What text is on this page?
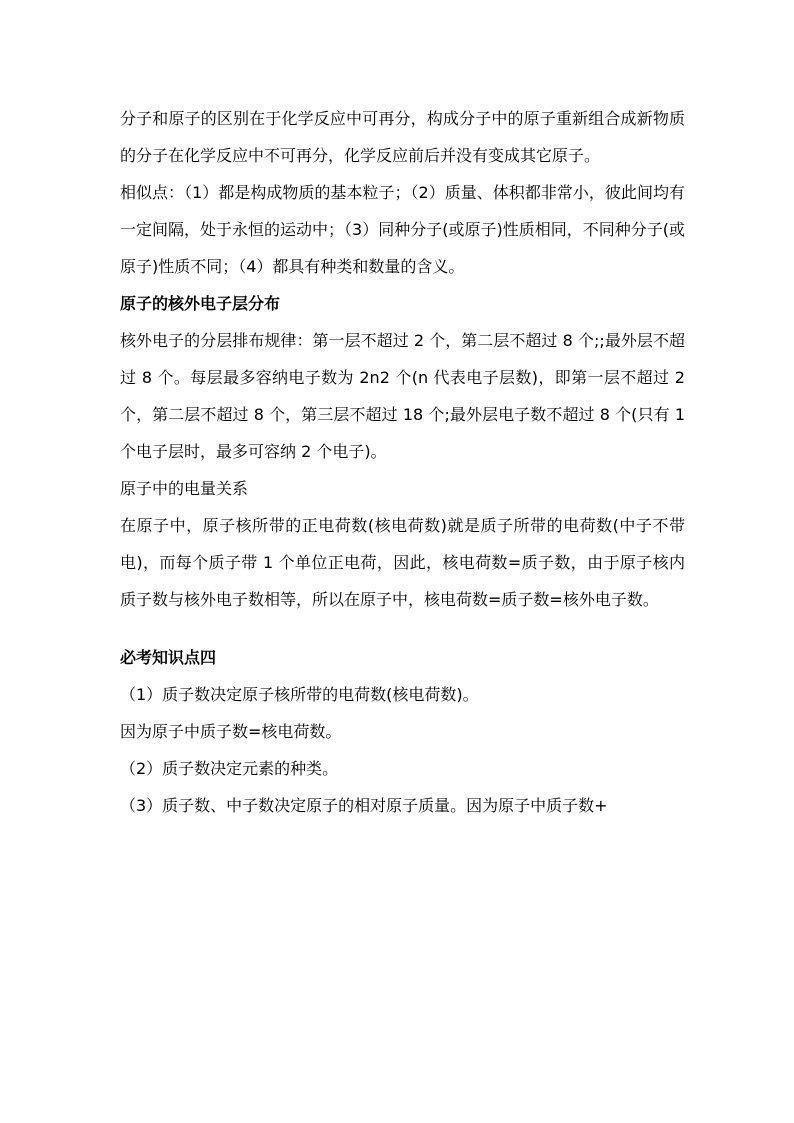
分子和原子的区别在于化学反应中可再分，构成分子中的原子重新组合成新物质的分子在化学反应中不可再分，化学反应前后并没有变成其它原子。

相似点：（1）都是构成物质的基本粒子；（2）质量、体积都非常小，彼此间均有一定间隔，处于永恒的运动中；（3）同种分子(或原子)性质相同，不同种分子(或原子)性质不同；（4）都具有种类和数量的含义。

原子的核外电子层分布

核外电子的分层排布规律：第一层不超过 2 个，第二层不超过 8 个;;最外层不超过 8 个。每层最多容纳电子数为 2n2 个(n 代表电子层数)，即第一层不超过 2 个，第二层不超过 8 个，第三层不超过 18 个;最外层电子数不超过 8 个(只有 1 个电子层时，最多可容纳 2 个电子)。

原子中的电量关系

在原子中，原子核所带的正电荷数(核电荷数)就是质子所带的电荷数(中子不带电)，而每个质子带 1 个单位正电荷，因此，核电荷数=质子数，由于原子核内质子数与核外电子数相等，所以在原子中，核电荷数=质子数=核外电子数。

必考知识点四

（1）质子数决定原子核所带的电荷数(核电荷数)。

因为原子中质子数=核电荷数。

（2）质子数决定元素的种类。

（3）质子数、中子数决定原子的相对原子质量。因为原子中质子数+
